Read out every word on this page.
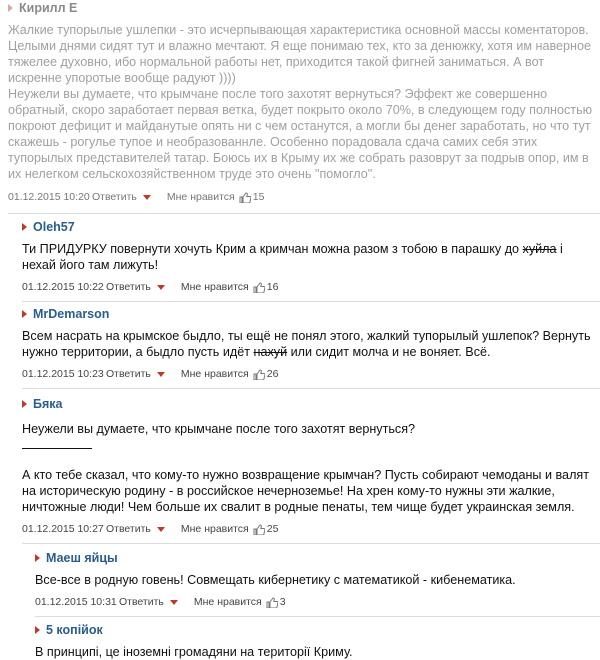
Кирилл Е

Жалкие тупорылые ушлепки - это исчерпывающая характеристика основной массы коментаторов. Целыми днями сидят тут и влажно мечтают. Я еще понимаю тех, кто за денюжку, хотя им наверное тяжелее духовно, ибо нормальной работы нет, приходится такой фигней заниматься. А вот искренне упоротые вообще радуют ))))

Неужели вы думаете, что крымчане после того захотят вернуться? Эффект же совершенно обратный, скоро заработает первая ветка, будет покрыто около 70%, в следующем году полностью покроют дефицит и майданутые опять ни с чем останутся, а могли бы денег заработать, но что тут скажешь - рогулье тупое и необразованнле. Особенно порадовала сдача самих себя этих тупорылых представителей татар. Боюсь их в Крыму их же собрать разоврут за подрыв опор, им в их нелегком сельскохозяйственном труде это очень "помогло".

01.12.2015 10:20 Ответить	Мне нравится 15
Oleh57
Ти ПРИДУРКУ повернути хочуть Крим а кримчан можна разом з тобою в парашку до хуйла і нехай його там лижуть!
01.12.2015 10:22 Ответить	Мне нравится 16
MrDemarson
Всем насрать на крымское быдло, ты ещё не понял этого, жалкий тупорылый ушлепок? Вернуть нужно территории, а быдло пусть идёт нахуй или сидит молча и не воняет. Всё.
01.12.2015 10:23 Ответить	Мне нравится 26
Бяка
Неужели вы думаете, что крымчане после того захотят вернуться?
А кто тебе сказал, что кому-то нужно возвращение крымчан? Пусть собирают чемоданы и валят на историческую родину - в российское нечерноземье! На хрен кому-то нужны эти жалкие, ничтожные люди! Чем больше их свалит в родные пенаты, тем чище будет украинская земля.
01.12.2015 10:27 Ответить	Мне нравится 25
Маеш яйцы
Все-все в родную говень! Совмещать кибернетику с математикой - кибенематика.
01.12.2015 10:31 Ответить	Мне нравится 3
5 копійок
В принципі, це іноземні громадяни на території Криму.
